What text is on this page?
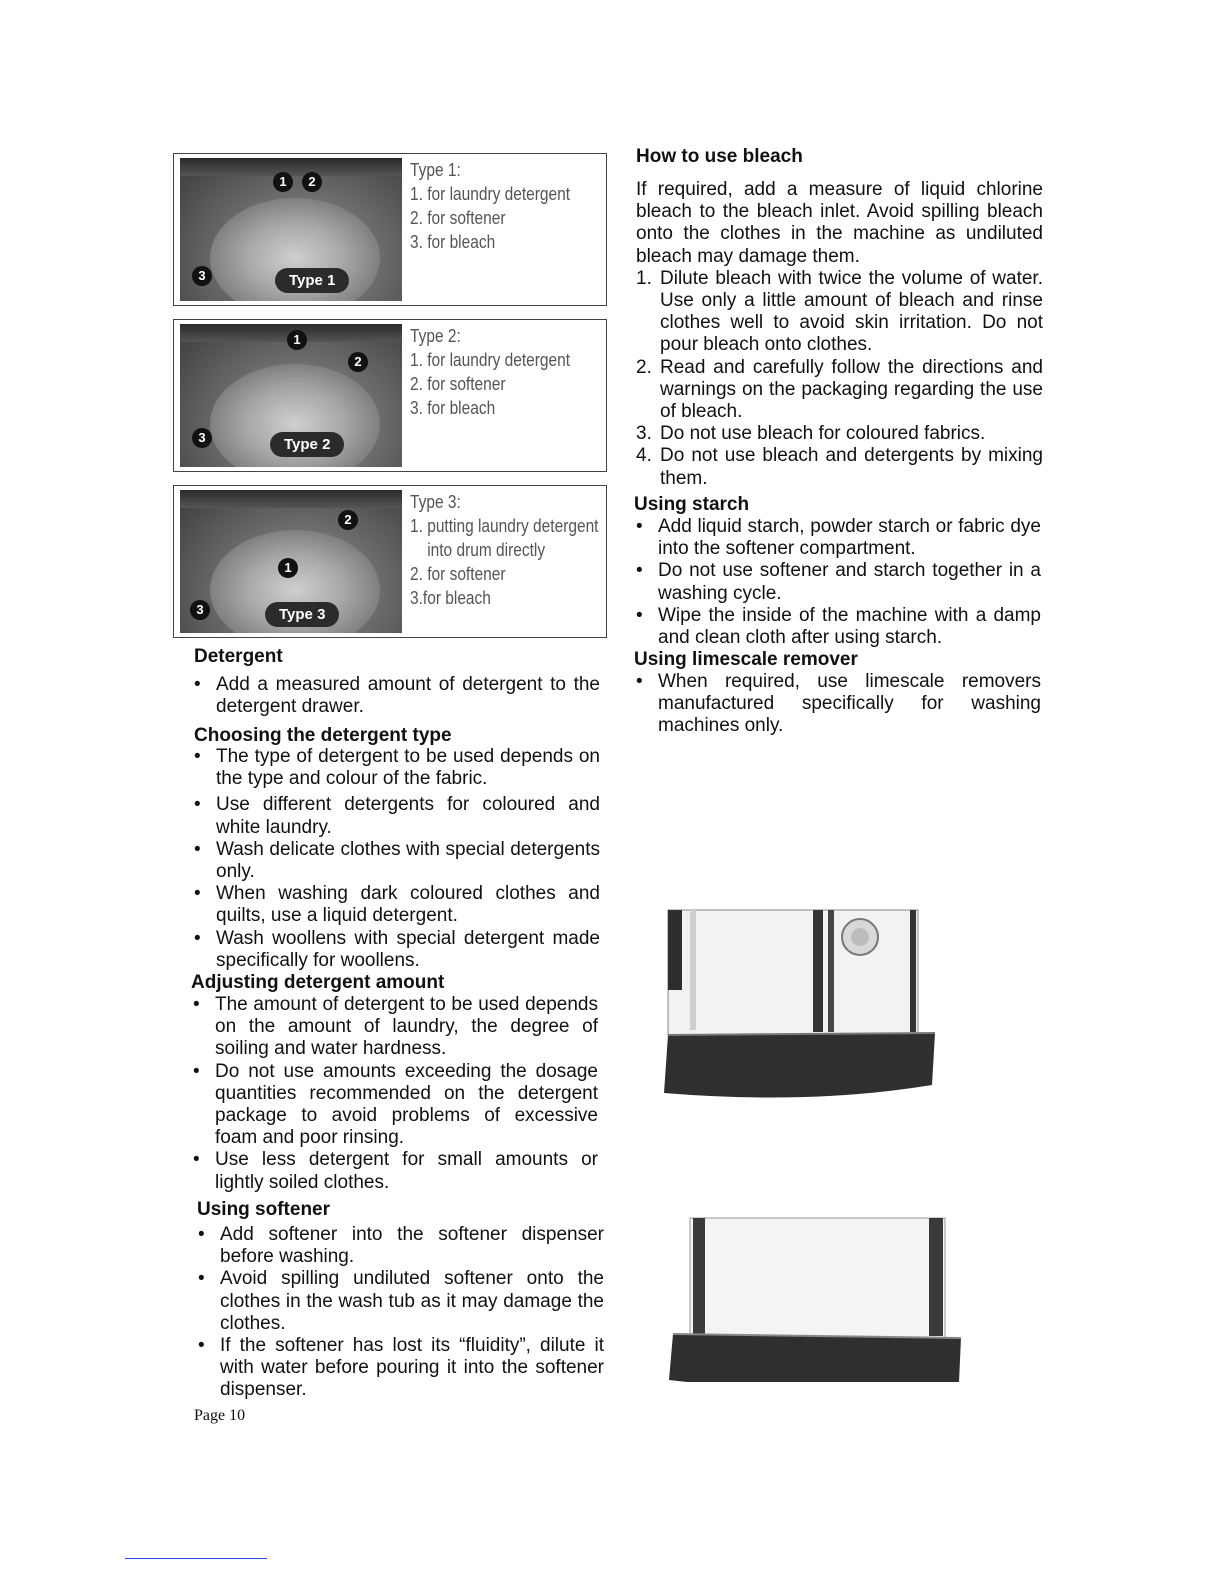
1	2
3	Type 1
Type 1:
1. for laundry detergent
2. for softener
3. for bleach
1
2
3	Type 2
Type 2:
1. for laundry detergent
2. for softener
3. for bleach
2
1
3	Type 3
Type 3:
1. putting laundry detergent
into drum directly
2. for softener
3.for bleach
Detergent
• Add a measured amount of detergent to the detergent drawer.
Choosing the detergent type
• The type of detergent to be used depends on the type and colour of the fabric.
• Use different detergents for coloured and white laundry.
• Wash delicate clothes with special detergents only.
• When washing dark coloured clothes and quilts, use a liquid detergent.
• Wash woollens with special detergent made specifically for woollens.
Adjusting detergent amount
• The amount of detergent to be used depends on the amount of laundry, the degree of soiling and water hardness.
• Do not use amounts exceeding the dosage quantities recommended on the detergent package to avoid problems of excessive foam and poor rinsing.
• Use less detergent for small amounts or lightly soiled clothes.
Using softener
• Add softener into the softener dispenser before washing.
• Avoid spilling undiluted softener onto the clothes in the wash tub as it may damage the clothes.
• If the softener has lost its “fluidity”, dilute it with water before pouring it into the softener dispenser.
How to use bleach
If required, add a measure of liquid chlorine bleach to the bleach inlet. Avoid spilling bleach onto the clothes in the machine as undiluted bleach may damage them.
1. Dilute bleach with twice the volume of water. Use only a little amount of bleach and rinse clothes well to avoid skin irritation. Do not pour bleach onto clothes.
2. Read and carefully follow the directions and warnings on the packaging regarding the use of bleach.
3. Do not use bleach for coloured fabrics.
4. Do not use bleach and detergents by mixing them.
Using starch
• Add liquid starch, powder starch or fabric dye into the softener compartment.
• Do not use softener and starch together in a washing cycle.
• Wipe the inside of the machine with a damp and clean cloth after using starch.
Using limescale remover
• When required, use limescale removers manufactured specifically for washing machines only.
Page 10
